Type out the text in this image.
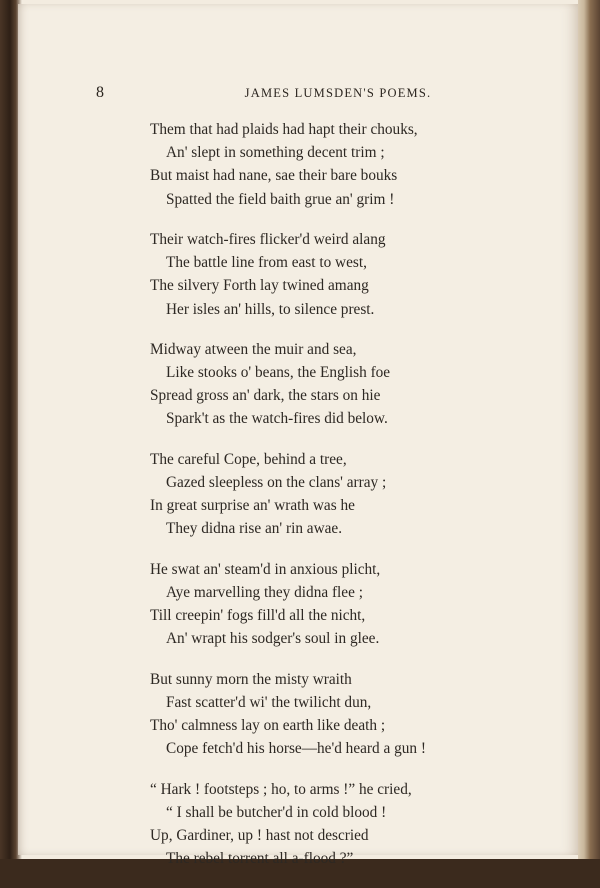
8	JAMES LUMSDEN'S POEMS.
Them that had plaids had hapt their chouks,
An' slept in something decent trim ;
But maist had nane, sae their bare bouks
Spatted the field baith grue an' grim !
Their watch-fires flicker'd weird alang
The battle line from east to west,
The silvery Forth lay twined amang
Her isles an' hills, to silence prest.
Midway atween the muir and sea,
Like stooks o' beans, the English foe
Spread gross an' dark, the stars on hie
Spark't as the watch-fires did below.
The careful Cope, behind a tree,
Gazed sleepless on the clans' array ;
In great surprise an' wrath was he
They didna rise an' rin awae.
He swat an' steam'd in anxious plicht,
Aye marvelling they didna flee ;
Till creepin' fogs fill'd all the nicht,
An' wrapt his sodger's soul in glee.
But sunny morn the misty wraith
Fast scatter'd wi' the twilicht dun,
Tho' calmness lay on earth like death ;
Cope fetch'd his horse—he'd heard a gun !
“ Hark ! footsteps ; ho, to arms !” he cried,
“ I shall be butcher'd in cold blood !
Up, Gardiner, up ! hast not descried
The rebel torrent all a-flood ?”
